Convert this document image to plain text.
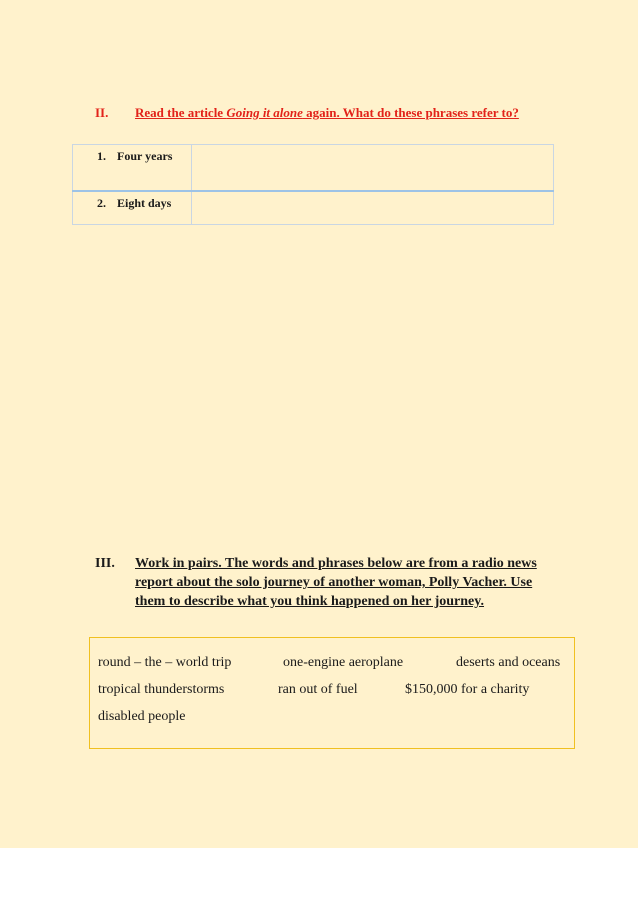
II. Read the article Going it alone again. What do these phrases refer to?
1. Four years	
2. Eight days	
III. Work in pairs. The words and phrases below are from a radio news report about the solo journey of another woman, Polly Vacher. Use them to describe what you think happened on her journey.
round – the – world trip	one-engine aeroplane	deserts and oceans
tropical thunderstorms	ran out of fuel	$150,000 for a charity
disabled people
